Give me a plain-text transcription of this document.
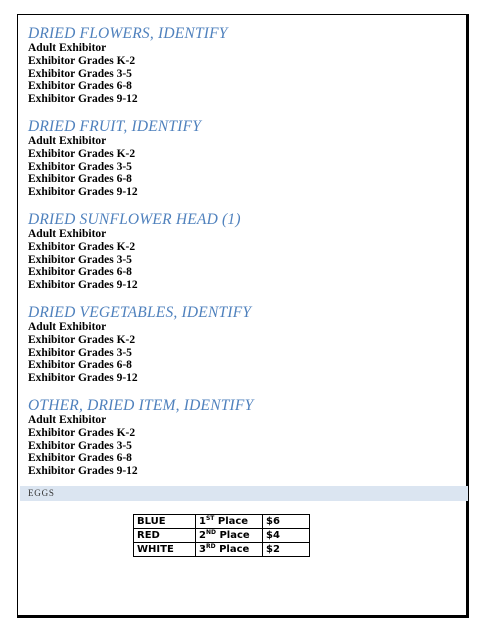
DRIED FLOWERS, IDENTIFY
Adult Exhibitor
Exhibitor Grades K-2
Exhibitor Grades 3-5
Exhibitor Grades 6-8
Exhibitor Grades 9-12
DRIED FRUIT, IDENTIFY
Adult Exhibitor
Exhibitor Grades K-2
Exhibitor Grades 3-5
Exhibitor Grades 6-8
Exhibitor Grades 9-12
DRIED SUNFLOWER HEAD (1)
Adult Exhibitor
Exhibitor Grades K-2
Exhibitor Grades 3-5
Exhibitor Grades 6-8
Exhibitor Grades 9-12
DRIED VEGETABLES, IDENTIFY
Adult Exhibitor
Exhibitor Grades K-2
Exhibitor Grades 3-5
Exhibitor Grades 6-8
Exhibitor Grades 9-12
OTHER, DRIED ITEM, IDENTIFY
Adult Exhibitor
Exhibitor Grades K-2
Exhibitor Grades 3-5
Exhibitor Grades 6-8
Exhibitor Grades 9-12
EGGS
BLUE	1ST Place	$6
RED	2ND Place	$4
WHITE	3RD Place	$2
